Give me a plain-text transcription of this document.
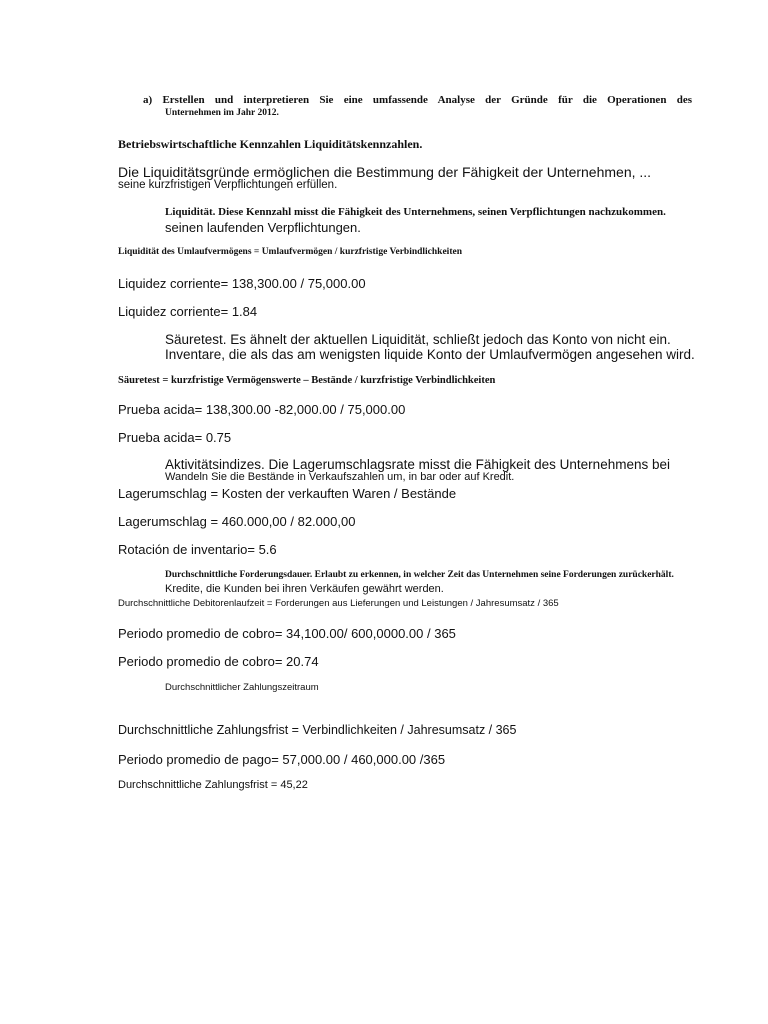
a) Erstellen und interpretieren Sie eine umfassende Analyse der Gründe für die Operationen des

Unternehmen im Jahr 2012.

Betriebswirtschaftliche Kennzahlen Liquiditätskennzahlen.

Die Liquiditätsgründe ermöglichen die Bestimmung der Fähigkeit der Unternehmen, ...

seine kurzfristigen Verpflichtungen erfüllen.

Liquidität. Diese Kennzahl misst die Fähigkeit des Unternehmens, seinen Verpflichtungen nachzukommen.

seinen laufenden Verpflichtungen.

Liquidität des Umlaufvermögens = Umlaufvermögen / kurzfristige Verbindlichkeiten

Liquidez corriente= 138,300.00 / 75,000.00

Liquidez corriente= 1.84

Säuretest. Es ähnelt der aktuellen Liquidität, schließt jedoch das Konto von nicht ein.

Inventare, die als das am wenigsten liquide Konto der Umlaufvermögen angesehen wird.

Säuretest = kurzfristige Vermögenswerte – Bestände / kurzfristige Verbindlichkeiten

Prueba acida= 138,300.00 -82,000.00 / 75,000.00

Prueba acida= 0.75

Aktivitätsindizes. Die Lagerumschlagsrate misst die Fähigkeit des Unternehmens bei

Wandeln Sie die Bestände in Verkaufszahlen um, in bar oder auf Kredit.

Lagerumschlag = Kosten der verkauften Waren / Bestände

Lagerumschlag = 460.000,00 / 82.000,00

Rotación de inventario= 5.6

Durchschnittliche Forderungsdauer. Erlaubt zu erkennen, in welcher Zeit das Unternehmen seine Forderungen zurückerhält.

Kredite, die Kunden bei ihren Verkäufen gewährt werden.

Durchschnittliche Debitorenlaufzeit = Forderungen aus Lieferungen und Leistungen / Jahresumsatz / 365

Periodo promedio de cobro= 34,100.00/ 600,0000.00 / 365

Periodo promedio de cobro= 20.74

Durchschnittlicher Zahlungszeitraum

Durchschnittliche Zahlungsfrist = Verbindlichkeiten / Jahresumsatz / 365

Periodo promedio de pago= 57,000.00 / 460,000.00 /365

Durchschnittliche Zahlungsfrist = 45,22
